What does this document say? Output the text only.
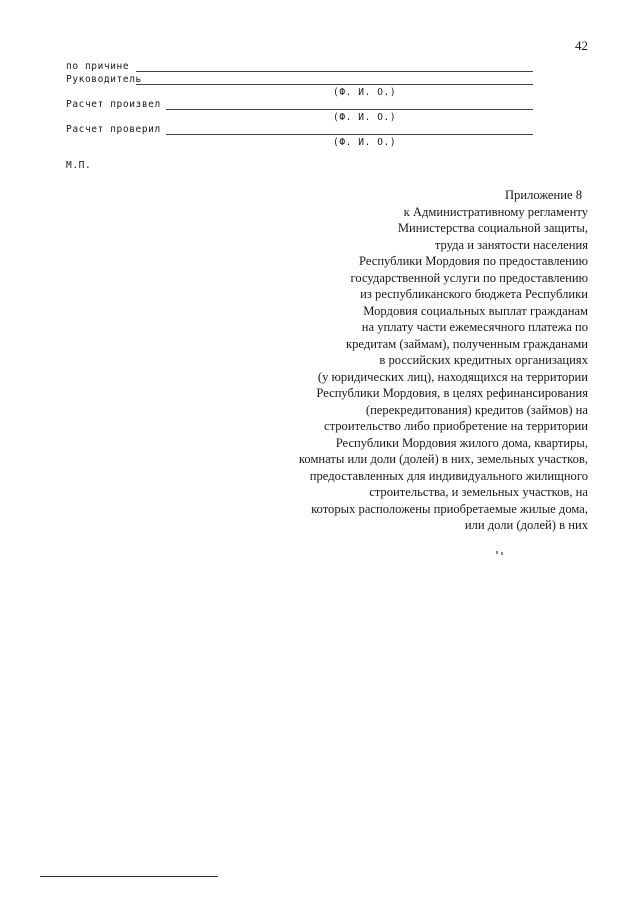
42
по причине
Руководитель
(Ф. И. О.)
Расчет произвел
(Ф. И. О.)
Расчет проверил
(Ф. И. О.)
М.П.
Приложение 8
к Административному регламенту
Министерства социальной защиты,
труда и занятости населения
Республики Мордовия по предоставлению
государственной услуги по предоставлению
из республиканского бюджета Республики
Мордовия социальных выплат гражданам
на уплату части ежемесячного платежа по
кредитам (займам), полученным гражданами
в российских кредитных организациях
(у юридических лиц), находящихся на территории
Республики Мордовия, в целях рефинансирования
(перекредитования) кредитов (займов) на
строительство либо приобретение на территории
Республики Мордовия жилого дома, квартиры,
комнаты или доли (долей) в них, земельных участков,
предоставленных для индивидуального жилищного
строительства, и земельных участков, на
которых расположены приобретаемые жилые дома,
или доли (долей) в них
